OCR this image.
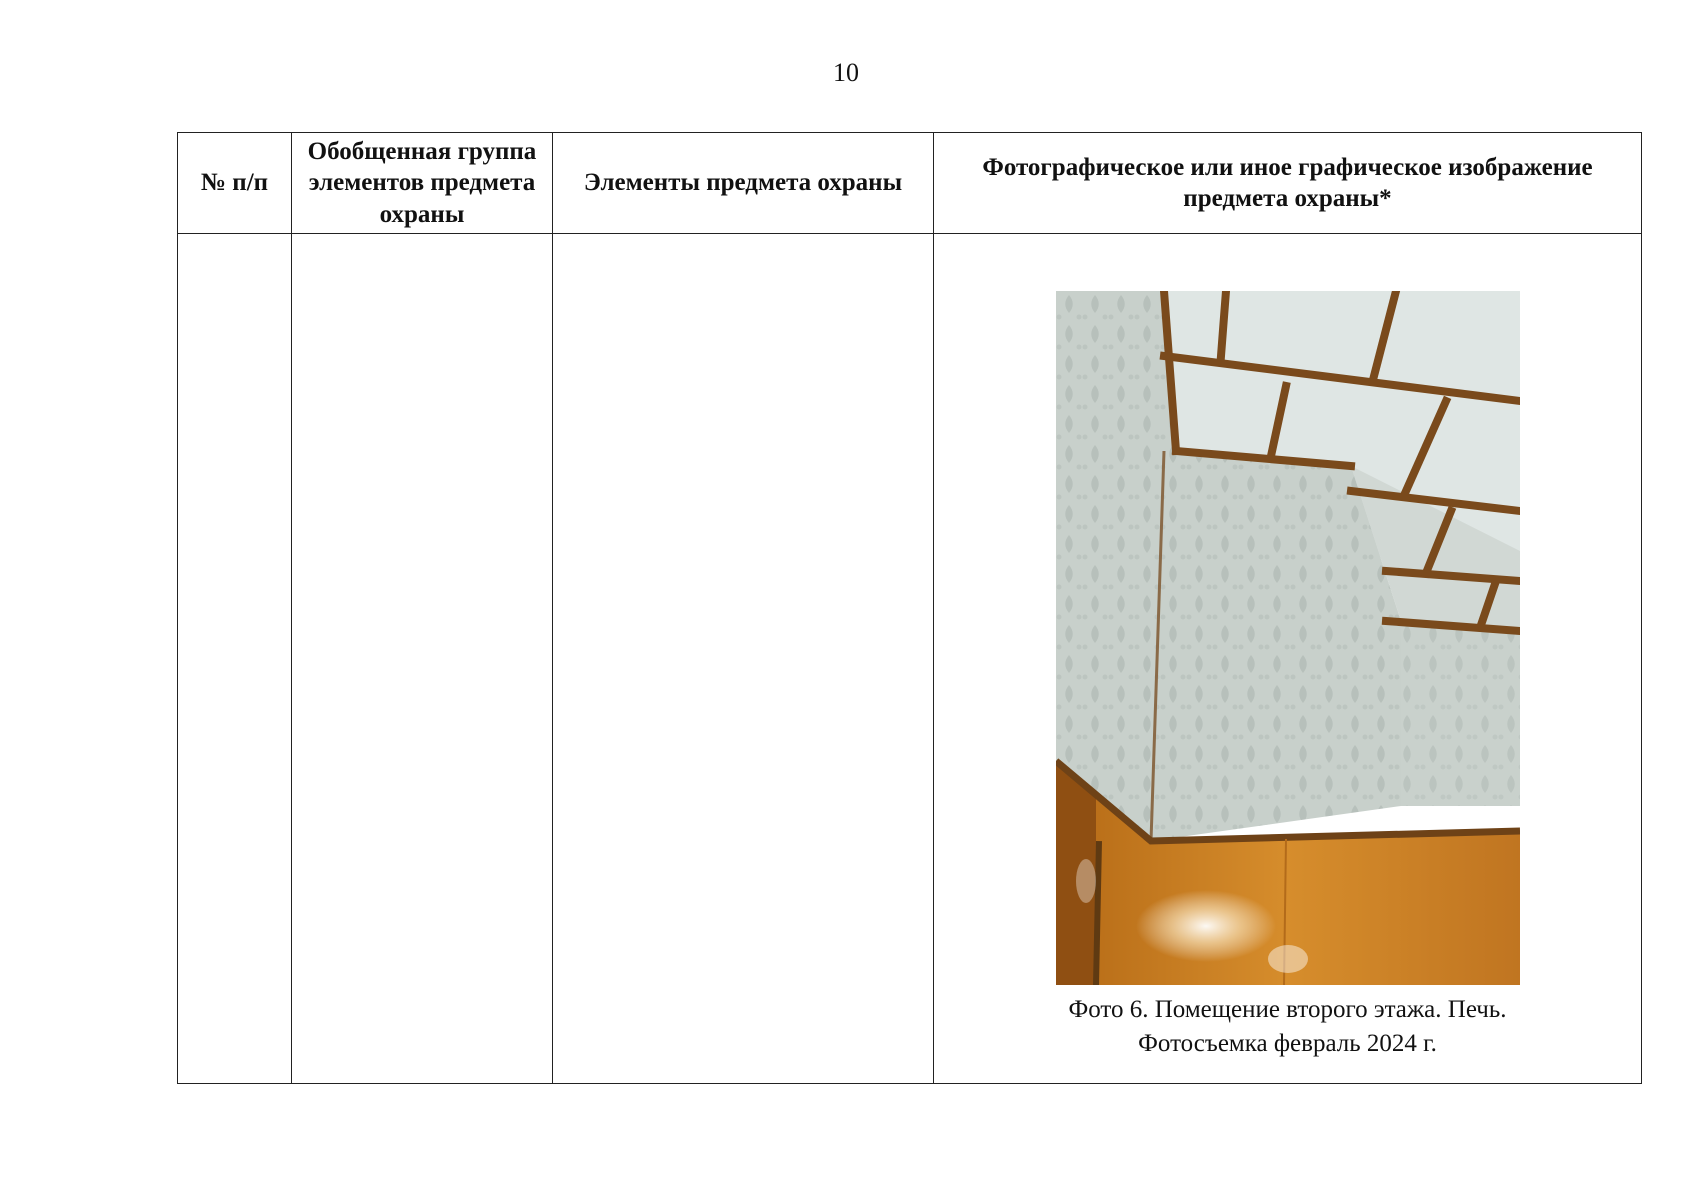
10
№ п/п	Обобщенная группа элементов предмета охраны	Элементы предмета охраны	Фотографическое или иное графическое изображение предмета охраны*

			Фото 6. Помещение второго этажа. Печь.
Фотосъемка февраль 2024 г.
